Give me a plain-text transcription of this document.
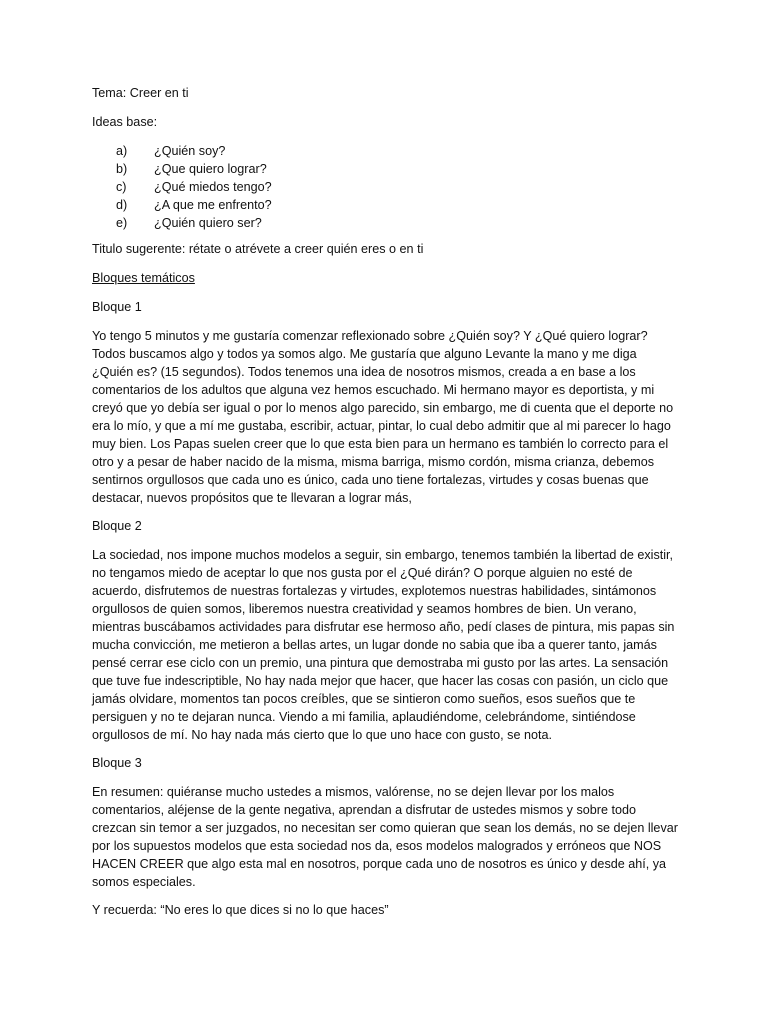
Tema: Creer en ti

Ideas base:

a)	¿Quién soy?
b)	¿Que quiero lograr?
c)	¿Qué miedos tengo?
d)	¿A que me enfrento?
e)	¿Quién quiero ser?

Titulo sugerente: rétate o atrévete a creer quién eres o en ti

Bloques temáticos

Bloque 1

Yo tengo 5 minutos y me gustaría comenzar reflexionado sobre ¿Quién soy? Y ¿Qué quiero lograr? Todos buscamos algo y todos ya somos algo. Me gustaría que alguno Levante la mano y me diga ¿Quién es? (15 segundos). Todos tenemos una idea de nosotros mismos, creada a en base a los comentarios de los adultos que alguna vez hemos escuchado. Mi hermano mayor es deportista, y mi creyó que yo debía ser igual o por lo menos algo parecido, sin embargo, me di cuenta que el deporte no era lo mío, y que a mí me gustaba, escribir, actuar, pintar, lo cual debo admitir que al mi parecer lo hago muy bien. Los Papas suelen creer que lo que esta bien para un hermano es también lo correcto para el otro y a pesar de haber nacido de la misma, misma barriga, mismo cordón, misma crianza, debemos sentirnos orgullosos que cada uno es único, cada uno tiene fortalezas, virtudes y cosas buenas que destacar, nuevos propósitos que te llevaran a lograr más,

Bloque 2

La sociedad, nos impone muchos modelos a seguir, sin embargo, tenemos también la libertad de existir, no tengamos miedo de aceptar lo que nos gusta por el ¿Qué dirán? O porque alguien no esté de acuerdo, disfrutemos de nuestras fortalezas y virtudes, explotemos nuestras habilidades, sintámonos orgullosos de quien somos, liberemos nuestra creatividad y seamos hombres de bien. Un verano, mientras buscábamos actividades para disfrutar ese hermoso año, pedí clases de pintura, mis papas sin mucha convicción, me metieron a bellas artes, un lugar donde no sabia que iba a querer tanto, jamás pensé cerrar ese ciclo con un premio, una pintura que demostraba mi gusto por las artes. La sensación que tuve fue indescriptible, No hay nada mejor que hacer, que hacer las cosas con pasión, un ciclo que jamás olvidare, momentos tan pocos creíbles, que se sintieron como sueños, esos sueños que te persiguen y no te dejaran nunca. Viendo a mi familia, aplaudiéndome, celebrándome, sintiéndose orgullosos de mí. No hay nada más cierto que lo que uno hace con gusto, se nota.

Bloque 3

En resumen: quiéranse mucho ustedes a mismos, valórense, no se dejen llevar por los malos comentarios, aléjense de la gente negativa, aprendan a disfrutar de ustedes mismos y sobre todo crezcan sin temor a ser juzgados, no necesitan ser como quieran que sean los demás, no se dejen llevar por los supuestos modelos que esta sociedad nos da, esos modelos malogrados y erróneos que NOS HACEN CREER que algo esta mal en nosotros, porque cada uno de nosotros es único y desde ahí, ya somos especiales.

Y recuerda: “No eres lo que dices si no lo que haces”
